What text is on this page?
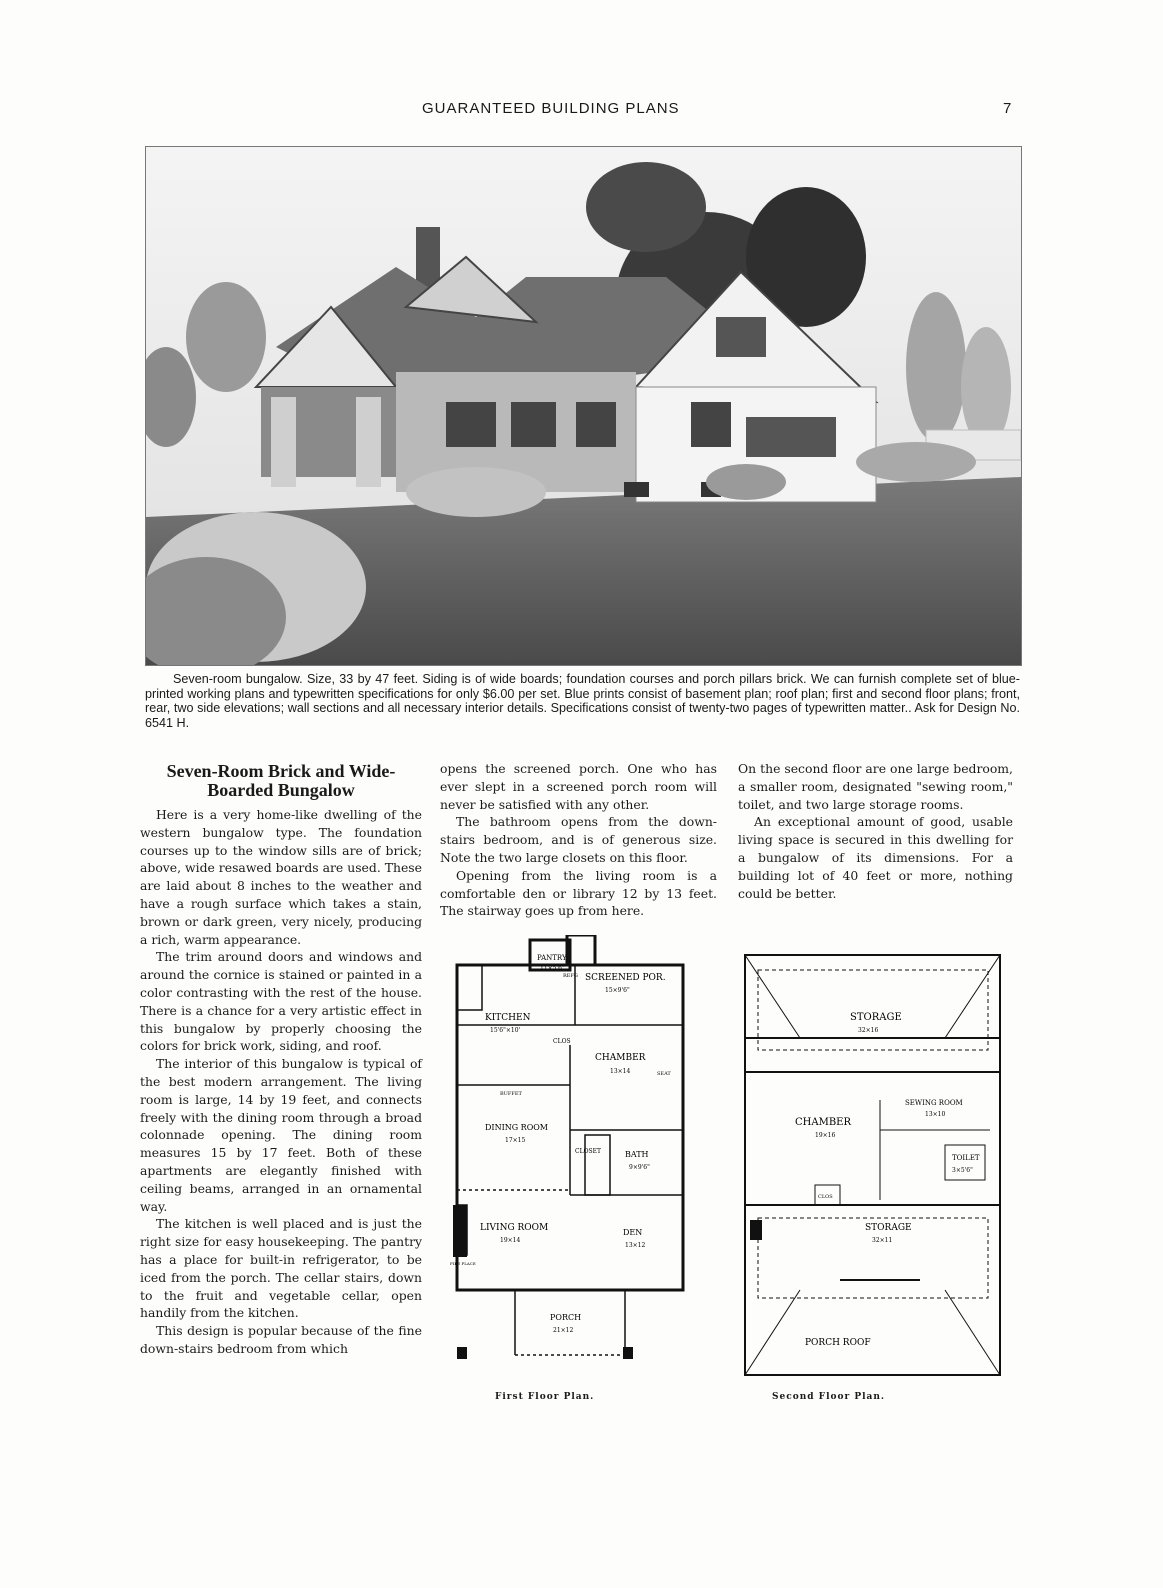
GUARANTEED BUILDING PLANS	7

Seven-room bungalow. Size, 33 by 47 feet. Siding is of wide boards; foundation courses and porch pillars brick. We can furnish complete set of blue-printed working plans and typewritten specifications for only $6.00 per set. Blue prints consist of basement plan; roof plan; first and second floor plans; front, rear, two side elevations; wall sections and all necessary interior details. Specifications consist of twenty-two pages of typewritten matter.. Ask for Design No. 6541 H.

Seven-Room Brick and Wide-Boarded Bungalow

Here is a very home-like dwelling of the western bungalow type. The foundation courses up to the window sills are of brick; above, wide resawed boards are used. These are laid about 8 inches to the weather and have a rough surface which takes a stain, brown or dark green, very nicely, producing a rich, warm appearance.

The trim around doors and windows and around the cornice is stained or painted in a color contrasting with the rest of the house. There is a chance for a very artistic effect in this bungalow by properly choosing the colors for brick work, siding, and roof.

The interior of this bungalow is typical of the best modern arrangement. The living room is large, 14 by 19 feet, and connects freely with the dining room through a broad colonnade opening. The dining room measures 15 by 17 feet. Both of these apartments are elegantly finished with ceiling beams, arranged in an ornamental way.

The kitchen is well placed and is just the right size for easy housekeeping. The pantry has a place for built-in refrigerator, to be iced from the porch. The cellar stairs, down to the fruit and vegetable cellar, open handily from the kitchen.

This design is popular because of the fine down-stairs bedroom from which

opens the screened porch. One who has ever slept in a screened porch room will never be satisfied with any other.

The bathroom opens from the down-stairs bedroom, and is of generous size. Note the two large closets on this floor.

Opening from the living room is a comfortable den or library 12 by 13 feet. The stairway goes up from here.

On the second floor are one large bedroom, a smaller room, designated "sewing room," toilet, and two large storage rooms.

An exceptional amount of good, usable living space is secured in this dwelling for a bungalow of its dimensions. For a building lot of 40 feet or more, nothing could be better.

PANTRY
11×5'6"
REFG SCREENED POR.
15×9'6"
KITCHEN
15'6"×10'
CLOS
CHAMBER
13×14	SEAT
BUFFET
DINING ROOM
17×15
CLOSET	BATH
9×9'6"
LIVING ROOM
19×14
DEN
13×12
FIRE PLACE
PORCH
21×12
First Floor Plan.
STORAGE
32×16
CHAMBER
19×16
SEWING ROOM
13×10
TOILET
3×5'6"
CLOS
STORAGE
32×11
PORCH ROOF
Second Floor Plan.
